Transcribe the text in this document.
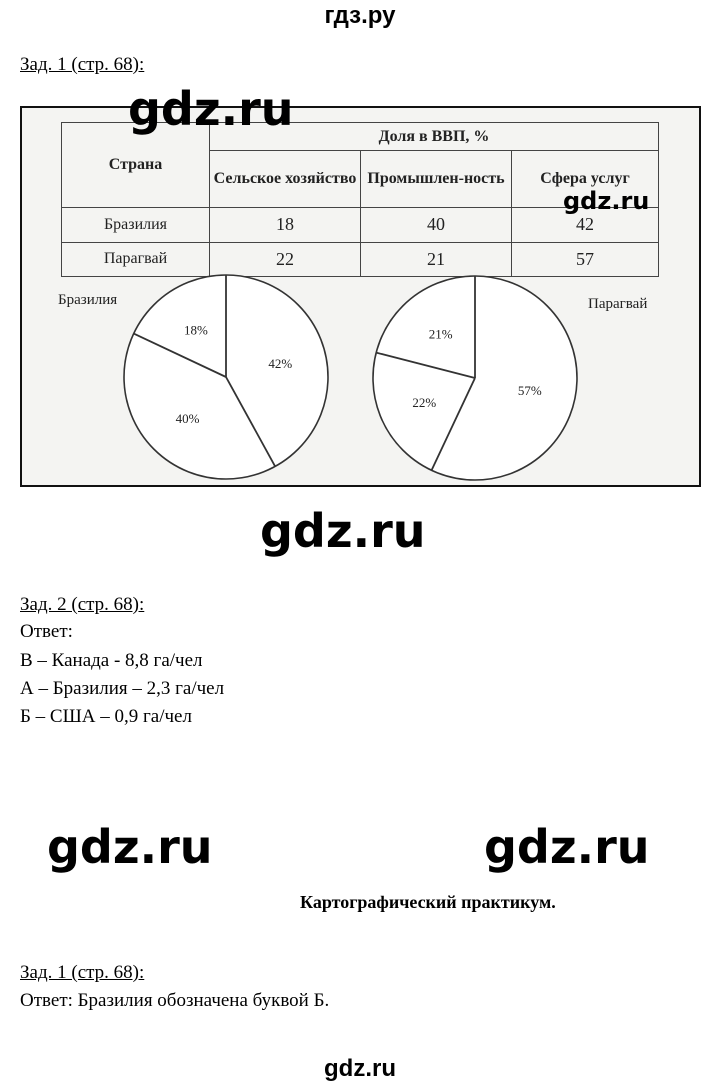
гдз.ру
Зад. 1 (стр. 68):
Страна	Доля в ВВП, %		
	Сельское хозяйство	Промышлен-ность	Сфера услуг
Бразилия	18	40	42
Парагвай	22	21	57
Бразилия	Парагвай
42%
40%
18%
57%
22%
21%
gdz.ru
gdz.ru
gdz.ru
gdz.ru	gdz.ru
Зад. 2 (стр. 68):
Ответ:
В – Канада - 8,8 га/чел
А – Бразилия – 2,3 га/чел
Б – США – 0,9 га/чел
Картографический практикум.
Зад. 1 (стр. 68):
Ответ: Бразилия обозначена буквой Б.
gdz.ru
